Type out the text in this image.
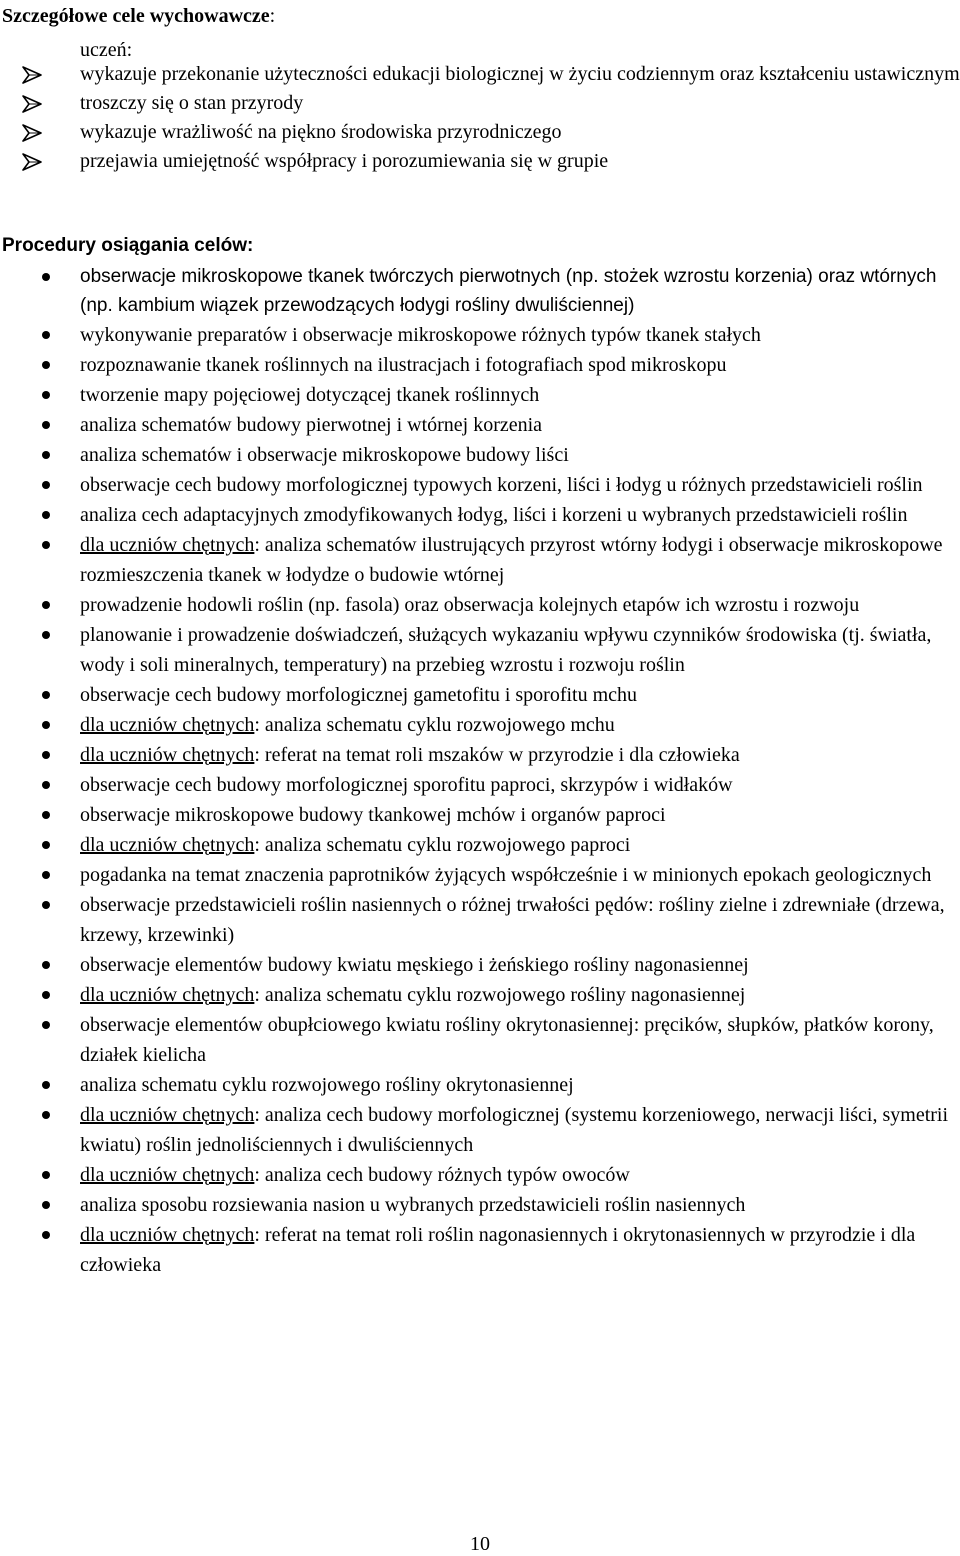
Szczegółowe cele wychowawcze:
uczeń:
wykazuje przekonanie użyteczności edukacji biologicznej w życiu codziennym oraz kształceniu ustawicznym
troszczy się o stan przyrody
wykazuje wrażliwość na piękno środowiska przyrodniczego
przejawia umiejętność współpracy i porozumiewania się w grupie
Procedury osiągania celów:
obserwacje mikroskopowe tkanek twórczych pierwotnych (np. stożek wzrostu korzenia) oraz wtórnych (np. kambium wiązek przewodzących łodygi rośliny dwuliściennej)
wykonywanie preparatów i obserwacje mikroskopowe różnych typów tkanek stałych
rozpoznawanie tkanek roślinnych na ilustracjach i fotografiach spod mikroskopu
tworzenie mapy pojęciowej dotyczącej tkanek roślinnych
analiza schematów budowy pierwotnej i wtórnej korzenia
analiza schematów i obserwacje mikroskopowe budowy liści
obserwacje cech budowy morfologicznej typowych korzeni, liści i łodyg u różnych przedstawicieli roślin
analiza cech adaptacyjnych zmodyfikowanych łodyg, liści i korzeni u wybranych przedstawicieli roślin
dla uczniów chętnych: analiza schematów ilustrujących przyrost wtórny łodygi i obserwacje mikroskopowe rozmieszczenia tkanek w łodydze o budowie wtórnej
prowadzenie hodowli roślin (np. fasola) oraz obserwacja kolejnych etapów ich wzrostu i rozwoju
planowanie i prowadzenie doświadczeń, służących wykazaniu wpływu czynników środowiska (tj. światła, wody i soli mineralnych, temperatury) na przebieg wzrostu i rozwoju roślin
obserwacje cech budowy morfologicznej gametofitu i sporofitu mchu
dla uczniów chętnych: analiza schematu cyklu rozwojowego mchu
dla uczniów chętnych: referat na temat roli mszaków w przyrodzie i dla człowieka
obserwacje cech budowy morfologicznej sporofitu paproci, skrzypów i widłaków
obserwacje mikroskopowe budowy tkankowej mchów i organów paproci
dla uczniów chętnych: analiza schematu cyklu rozwojowego paproci
pogadanka na temat znaczenia paprotników żyjących współcześnie i w minionych epokach geologicznych
obserwacje przedstawicieli roślin nasiennych o różnej trwałości pędów: rośliny zielne i zdrewniałe (drzewa, krzewy, krzewinki)
obserwacje elementów budowy kwiatu męskiego i żeńskiego rośliny nagonasiennej
dla uczniów chętnych: analiza schematu cyklu rozwojowego rośliny nagonasiennej
obserwacje elementów obupłciowego kwiatu rośliny okrytonasiennej: pręcików, słupków, płatków korony, działek kielicha
analiza schematu cyklu rozwojowego rośliny okrytonasiennej
dla uczniów chętnych: analiza cech budowy morfologicznej (systemu korzeniowego, nerwacji liści, symetrii kwiatu) roślin jednoliściennych i dwuliściennych
dla uczniów chętnych: analiza cech budowy różnych typów owoców
analiza sposobu rozsiewania nasion u wybranych przedstawicieli roślin nasiennych
dla uczniów chętnych: referat na temat roli roślin nagonasiennych i okrytonasiennych w przyrodzie i dla człowieka
10
